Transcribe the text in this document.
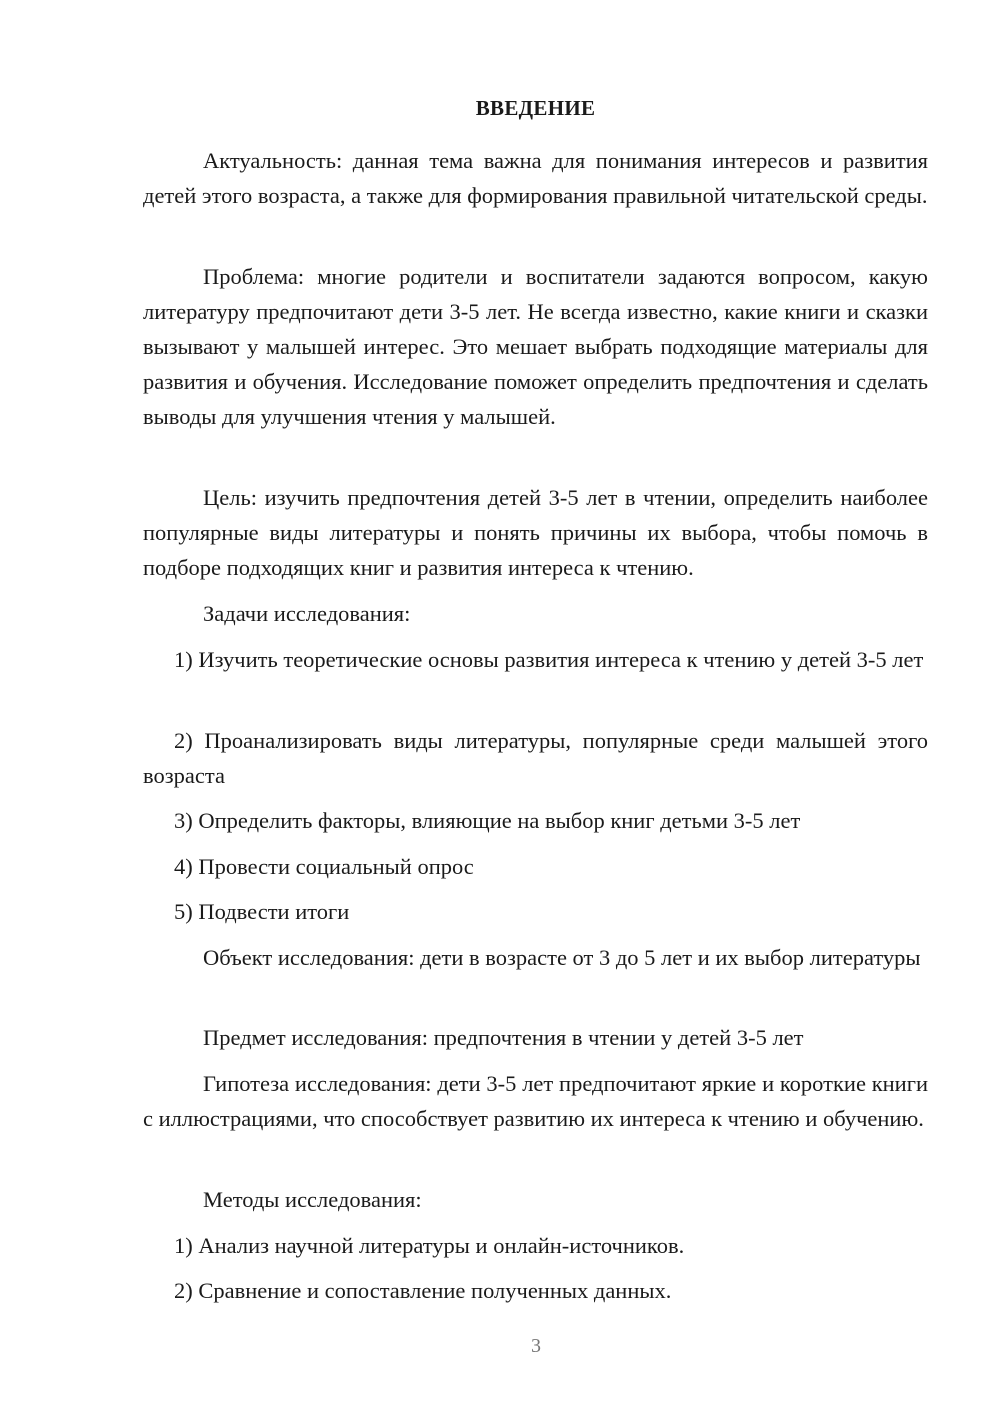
ВВЕДЕНИЕ

Актуальность: данная тема важна для понимания интересов и развития детей этого возраста, а также для формирования правильной читательской среды.

Проблема: многие родители и воспитатели задаются вопросом, какую литературу предпочитают дети 3-5 лет. Не всегда известно, какие книги и сказки вызывают у малышей интерес. Это мешает выбрать подходящие материалы для развития и обучения. Исследование поможет определить предпочтения и сделать выводы для улучшения чтения у малышей.

Цель: изучить предпочтения детей 3-5 лет в чтении, определить наиболее популярные виды литературы и понять причины их выбора, чтобы помочь в подборе подходящих книг и развития интереса к чтению.

Задачи исследования:

1) Изучить теоретические основы развития интереса к чтению у детей 3-5 лет

2) Проанализировать виды литературы, популярные среди малышей этого возраста

3) Определить факторы, влияющие на выбор книг детьми 3-5 лет

4) Провести социальный опрос

5) Подвести итоги

Объект исследования: дети в возрасте от 3 до 5 лет и их выбор литературы

Предмет исследования: предпочтения в чтении у детей 3-5 лет

Гипотеза исследования: дети 3-5 лет предпочитают яркие и короткие книги с иллюстрациями, что способствует развитию их интереса к чтению и обучению.

Методы исследования:

1) Анализ научной литературы и онлайн-источников.

2) Сравнение и сопоставление полученных данных.

3
